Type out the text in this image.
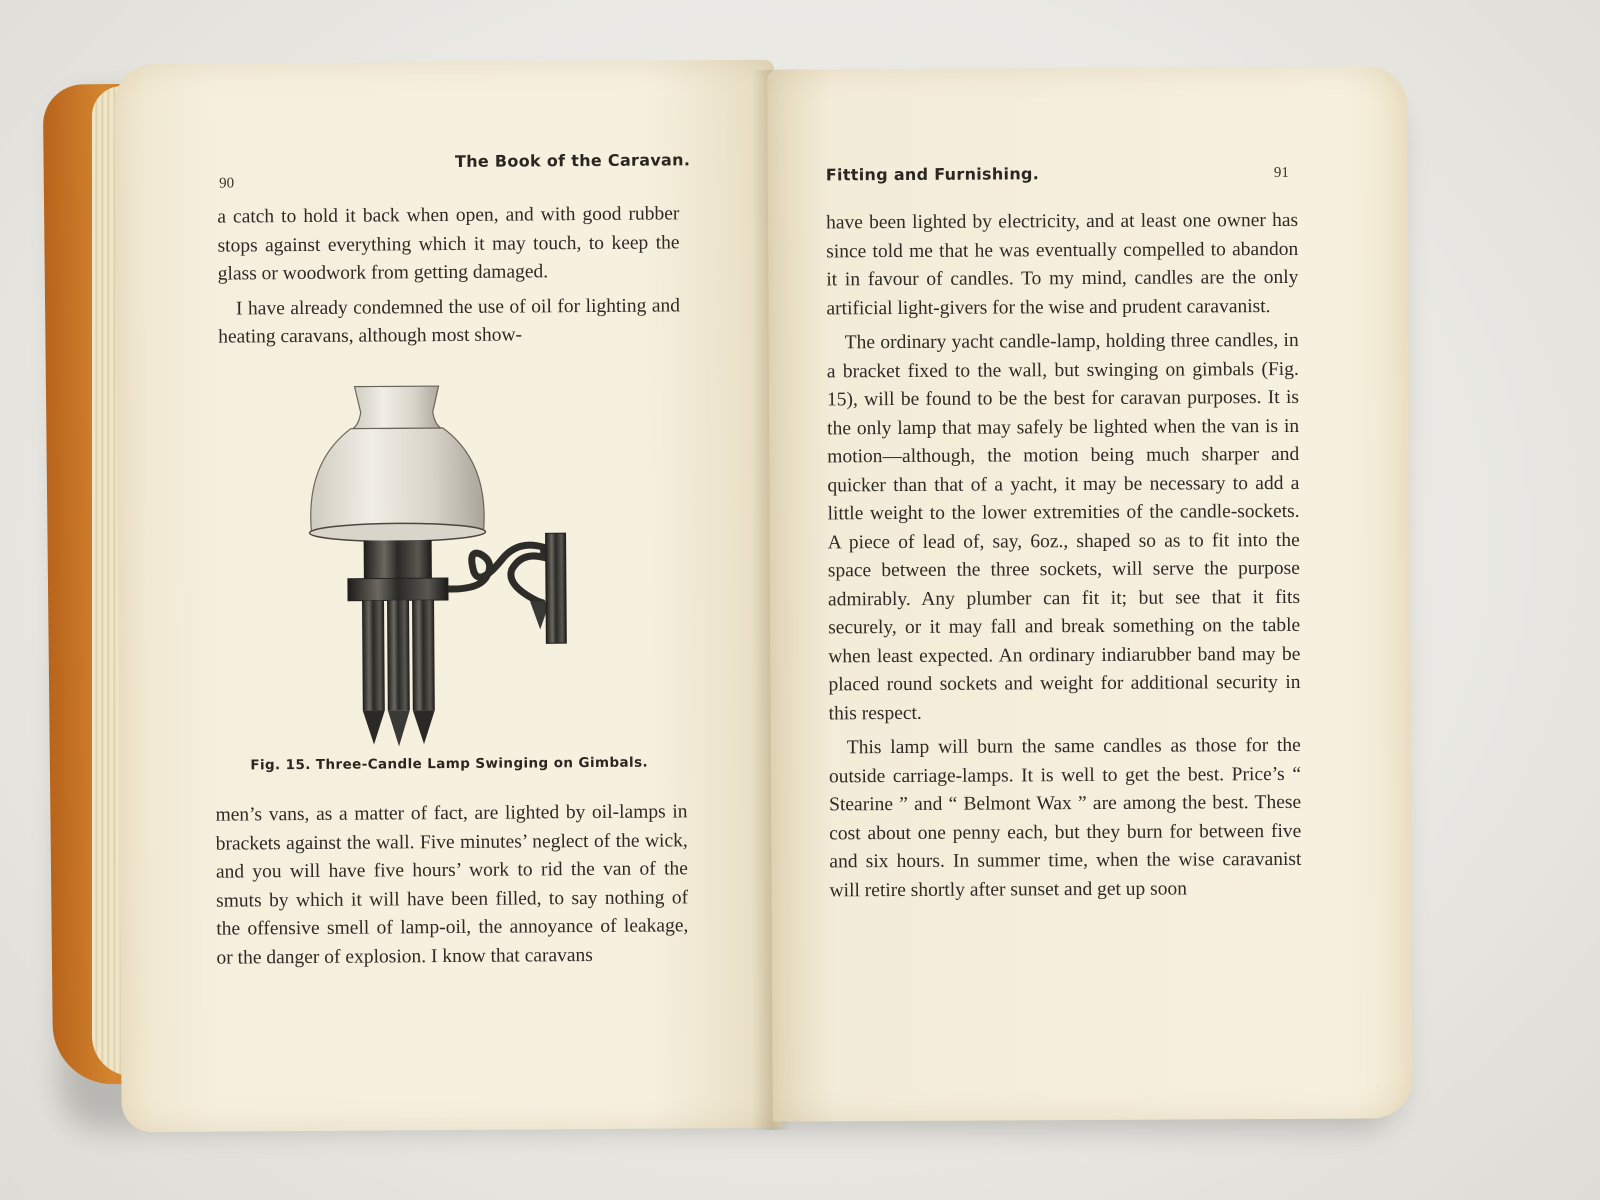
90
The Book of the Caravan.

a catch to hold it back when open, and with good rubber stops against everything which it may touch, to keep the glass or woodwork from getting damaged.

I have already condemned the use of oil for lighting and heating caravans, although most show-

Fig. 15. Three-Candle Lamp Swinging on Gimbals.

men’s vans, as a matter of fact, are lighted by oil-lamps in brackets against the wall. Five minutes’ neglect of the wick, and you will have five hours’ work to rid the van of the smuts by which it will have been filled, to say nothing of the offensive smell of lamp-oil, the annoyance of leakage, or the danger of explosion. I know that caravans

Fitting and Furnishing.	91

have been lighted by electricity, and at least one owner has since told me that he was eventually compelled to abandon it in favour of candles. To my mind, candles are the only artificial light-givers for the wise and prudent caravanist.

The ordinary yacht candle-lamp, holding three candles, in a bracket fixed to the wall, but swinging on gimbals (Fig. 15), will be found to be the best for caravan purposes. It is the only lamp that may safely be lighted when the van is in motion—although, the motion being much sharper and quicker than that of a yacht, it may be necessary to add a little weight to the lower extremities of the candle-sockets. A piece of lead of, say, 6oz., shaped so as to fit into the space between the three sockets, will serve the purpose admirably. Any plumber can fit it; but see that it fits securely, or it may fall and break something on the table when least expected. An ordinary indiarubber band may be placed round sockets and weight for additional security in this respect.

This lamp will burn the same candles as those for the outside carriage-lamps. It is well to get the best. Price’s “ Stearine ” and “ Belmont Wax ” are among the best. These cost about one penny each, but they burn for between five and six hours. In summer time, when the wise caravanist will retire shortly after sunset and get up soon
